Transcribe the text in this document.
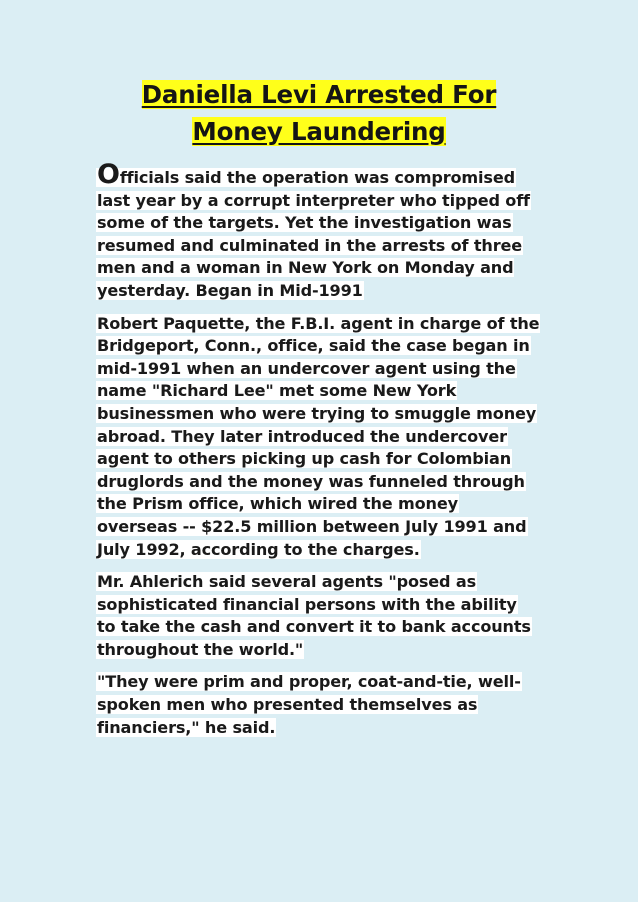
Daniella Levi Arrested For
Money Laundering

Officials said the operation was compromised last year by a corrupt interpreter who tipped off some of the targets. Yet the investigation was resumed and culminated in the arrests of three men and a woman in New York on Monday and yesterday. Began in Mid-1991

Robert Paquette, the F.B.I. agent in charge of the Bridgeport, Conn., office, said the case began in mid-1991 when an undercover agent using the name "Richard Lee" met some New York businessmen who were trying to smuggle money abroad. They later introduced the undercover agent to others picking up cash for Colombian druglords and the money was funneled through the Prism office, which wired the money overseas -- $22.5 million between July 1991 and July 1992, according to the charges.

Mr. Ahlerich said several agents "posed as sophisticated financial persons with the ability to take the cash and convert it to bank accounts throughout the world."

"They were prim and proper, coat-and-tie, well-spoken men who presented themselves as financiers," he said.
